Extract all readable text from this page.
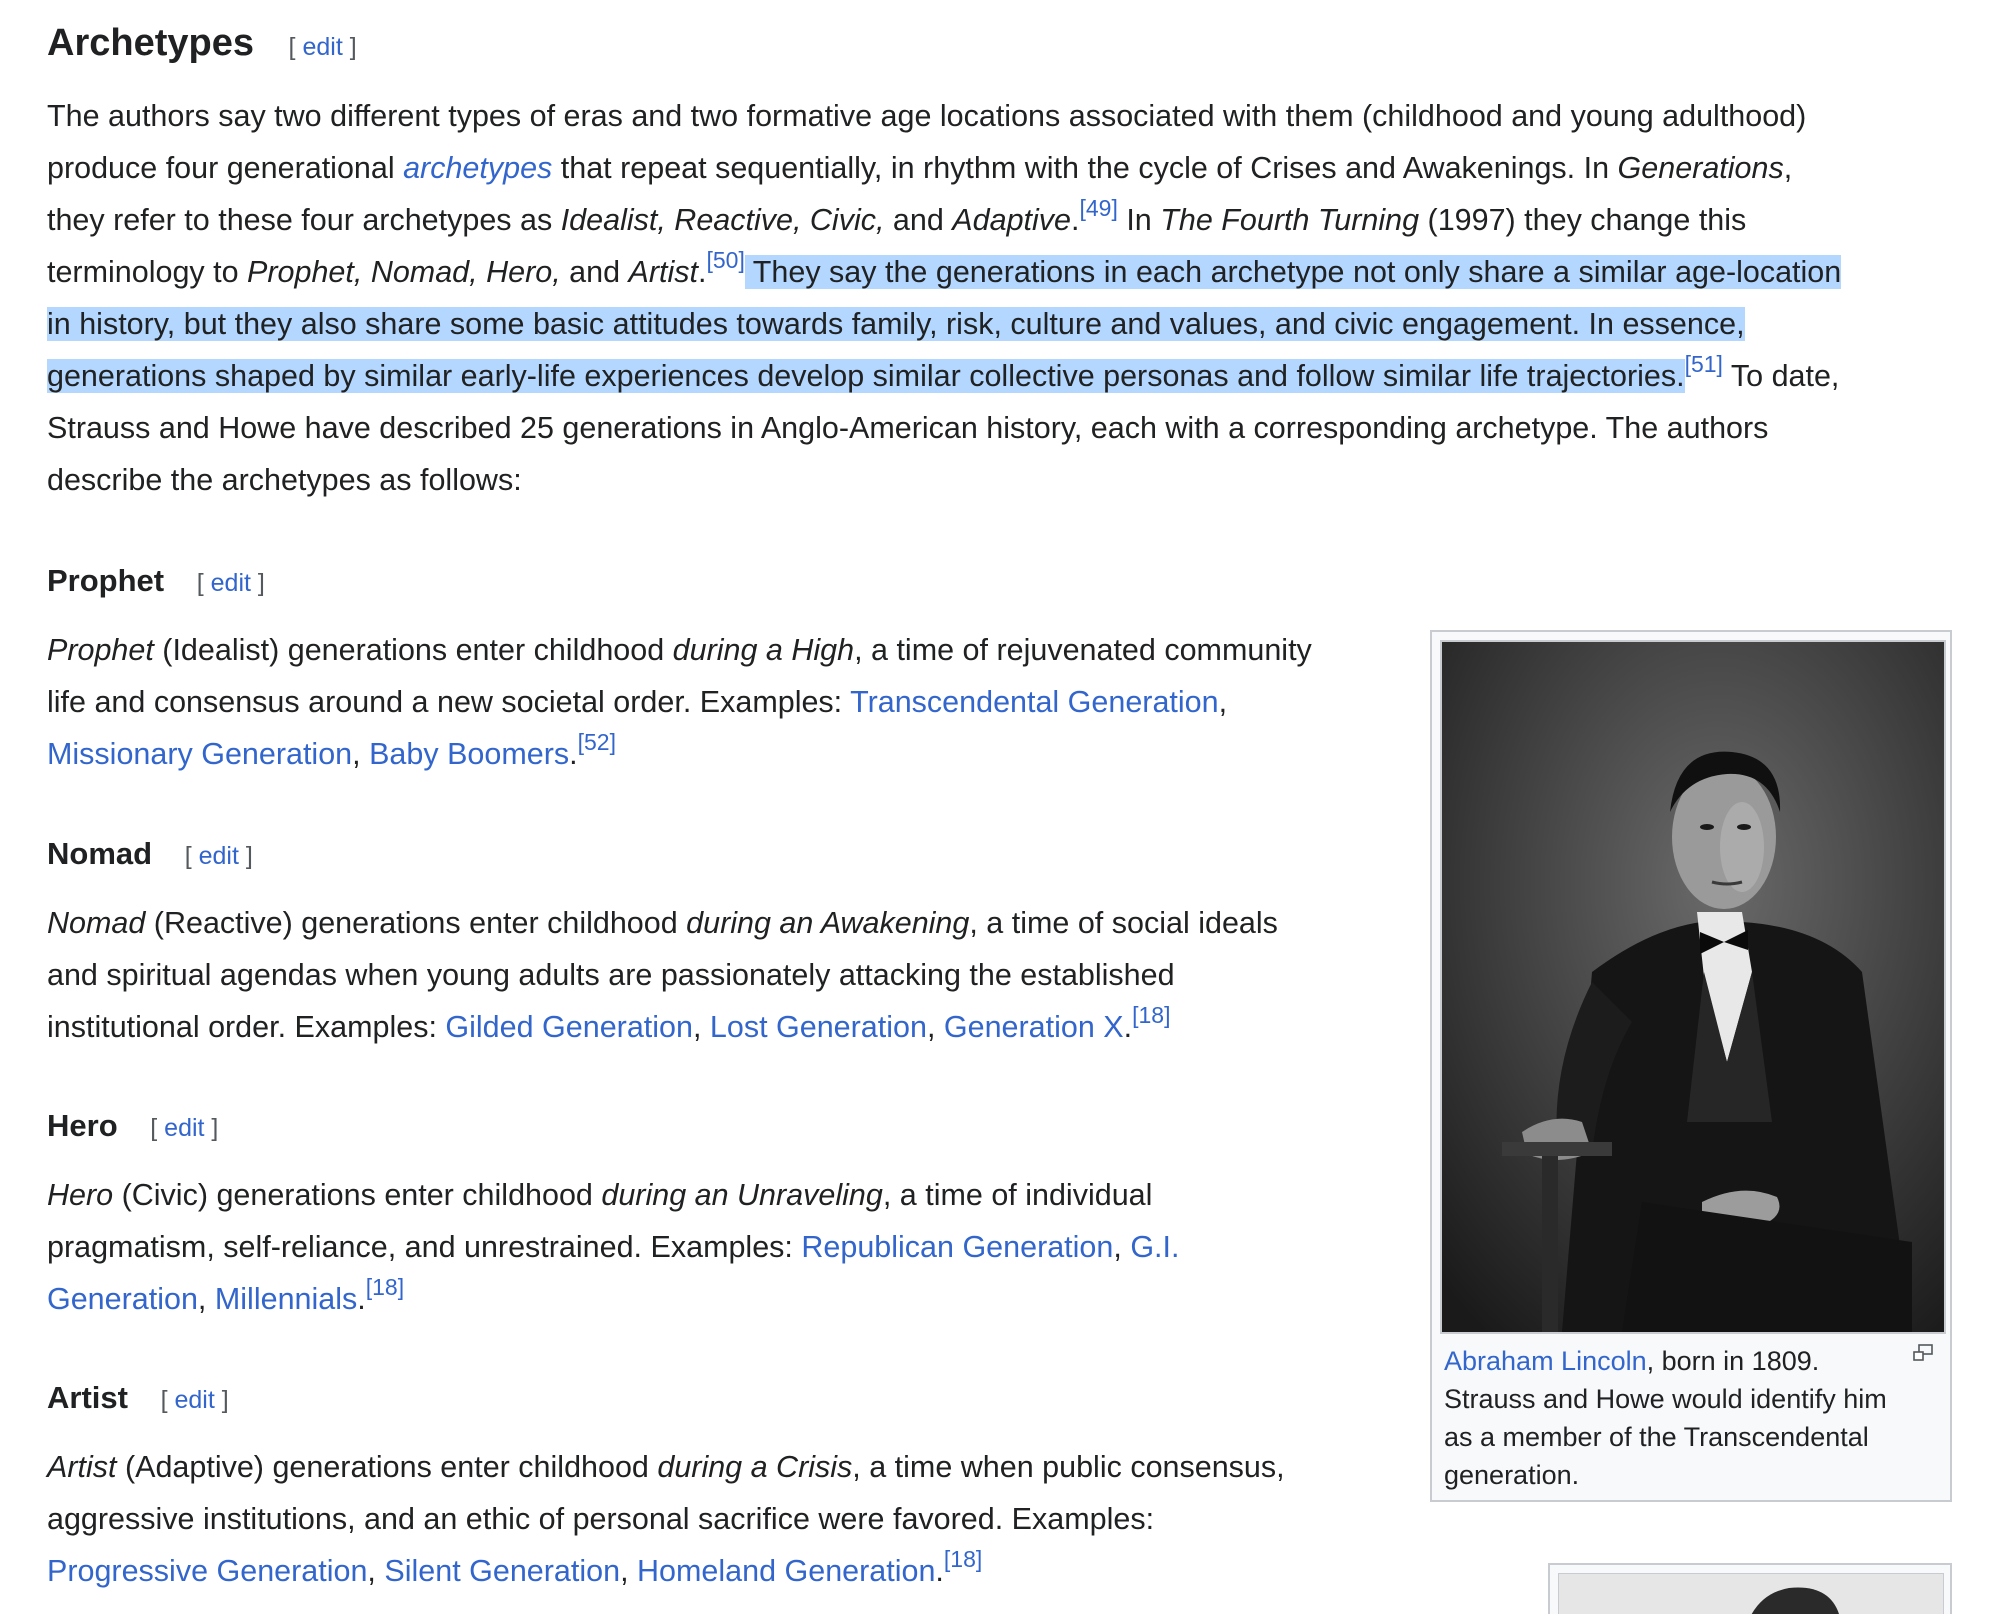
Archetypes [ edit ]
The authors say two different types of eras and two formative age locations associated with them (childhood and young adulthood)
produce four generational archetypes that repeat sequentially, in rhythm with the cycle of Crises and Awakenings. In Generations,
they refer to these four archetypes as Idealist, Reactive, Civic, and Adaptive.[49] In The Fourth Turning (1997) they change this
terminology to Prophet, Nomad, Hero, and Artist.[50] They say the generations in each archetype not only share a similar age-location
in history, but they also share some basic attitudes towards family, risk, culture and values, and civic engagement. In essence,
generations shaped by similar early-life experiences develop similar collective personas and follow similar life trajectories.[51] To date,
Strauss and Howe have described 25 generations in Anglo-American history, each with a corresponding archetype. The authors
describe the archetypes as follows:
Prophet [ edit ]
Prophet (Idealist) generations enter childhood during a High, a time of rejuvenated community
life and consensus around a new societal order. Examples: Transcendental Generation,
Missionary Generation, Baby Boomers.[52]
Nomad [ edit ]
Nomad (Reactive) generations enter childhood during an Awakening, a time of social ideals
and spiritual agendas when young adults are passionately attacking the established
institutional order. Examples: Gilded Generation, Lost Generation, Generation X.[18]
Hero [ edit ]
Hero (Civic) generations enter childhood during an Unraveling, a time of individual
pragmatism, self-reliance, and unrestrained. Examples: Republican Generation, G.I.
Generation, Millennials.[18]
Artist [ edit ]
Artist (Adaptive) generations enter childhood during a Crisis, a time when public consensus,
aggressive institutions, and an ethic of personal sacrifice were favored. Examples:
Progressive Generation, Silent Generation, Homeland Generation.[18]
Abraham Lincoln, born in 1809.
Strauss and Howe would identify him
as a member of the Transcendental
generation.
